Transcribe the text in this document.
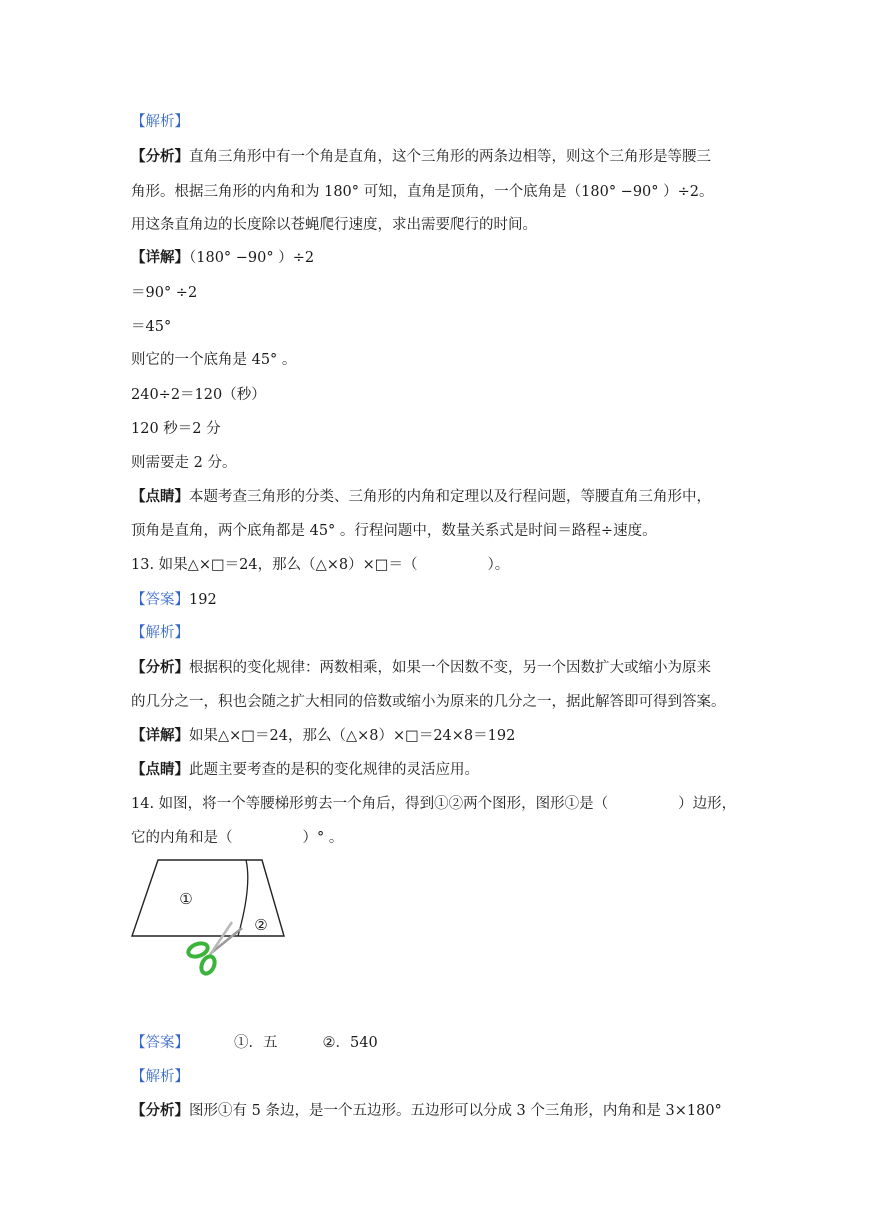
【解析】
【分析】直角三角形中有一个角是直角，这个三角形的两条边相等，则这个三角形是等腰三
角形。根据三角形的内角和为 180° 可知，直角是顶角，一个底角是（180° −90° ）÷2。
用这条直角边的长度除以苍蝇爬行速度，求出需要爬行的时间。
【详解】（180° −90° ）÷2
＝90° ÷2
＝45°
则它的一个底角是 45° 。
240÷2＝120（秒）
120 秒＝2 分
则需要走 2 分。
【点睛】本题考查三角形的分类、三角形的内角和定理以及行程问题，等腰直角三角形中，
顶角是直角，两个底角都是 45° 。行程问题中，数量关系式是时间＝路程÷速度。
13. 如果△×□＝24，那么（△×8）×□＝（	）。
【答案】192
【解析】
【分析】根据积的变化规律：两数相乘，如果一个因数不变，另一个因数扩大或缩小为原来
的几分之一，积也会随之扩大相同的倍数或缩小为原来的几分之一，据此解答即可得到答案。
【详解】如果△×□＝24，那么（△×8）×□＝24×8＝192
【点睛】此题主要考查的是积的变化规律的灵活应用。
14. 如图，将一个等腰梯形剪去一个角后，得到①②两个图形，图形①是（	）边形，
它的内角和是（	）° 。
①
②
【答案】	①．五	②．540
【解析】
【分析】图形①有 5 条边，是一个五边形。五边形可以分成 3 个三角形，内角和是 3×180°
